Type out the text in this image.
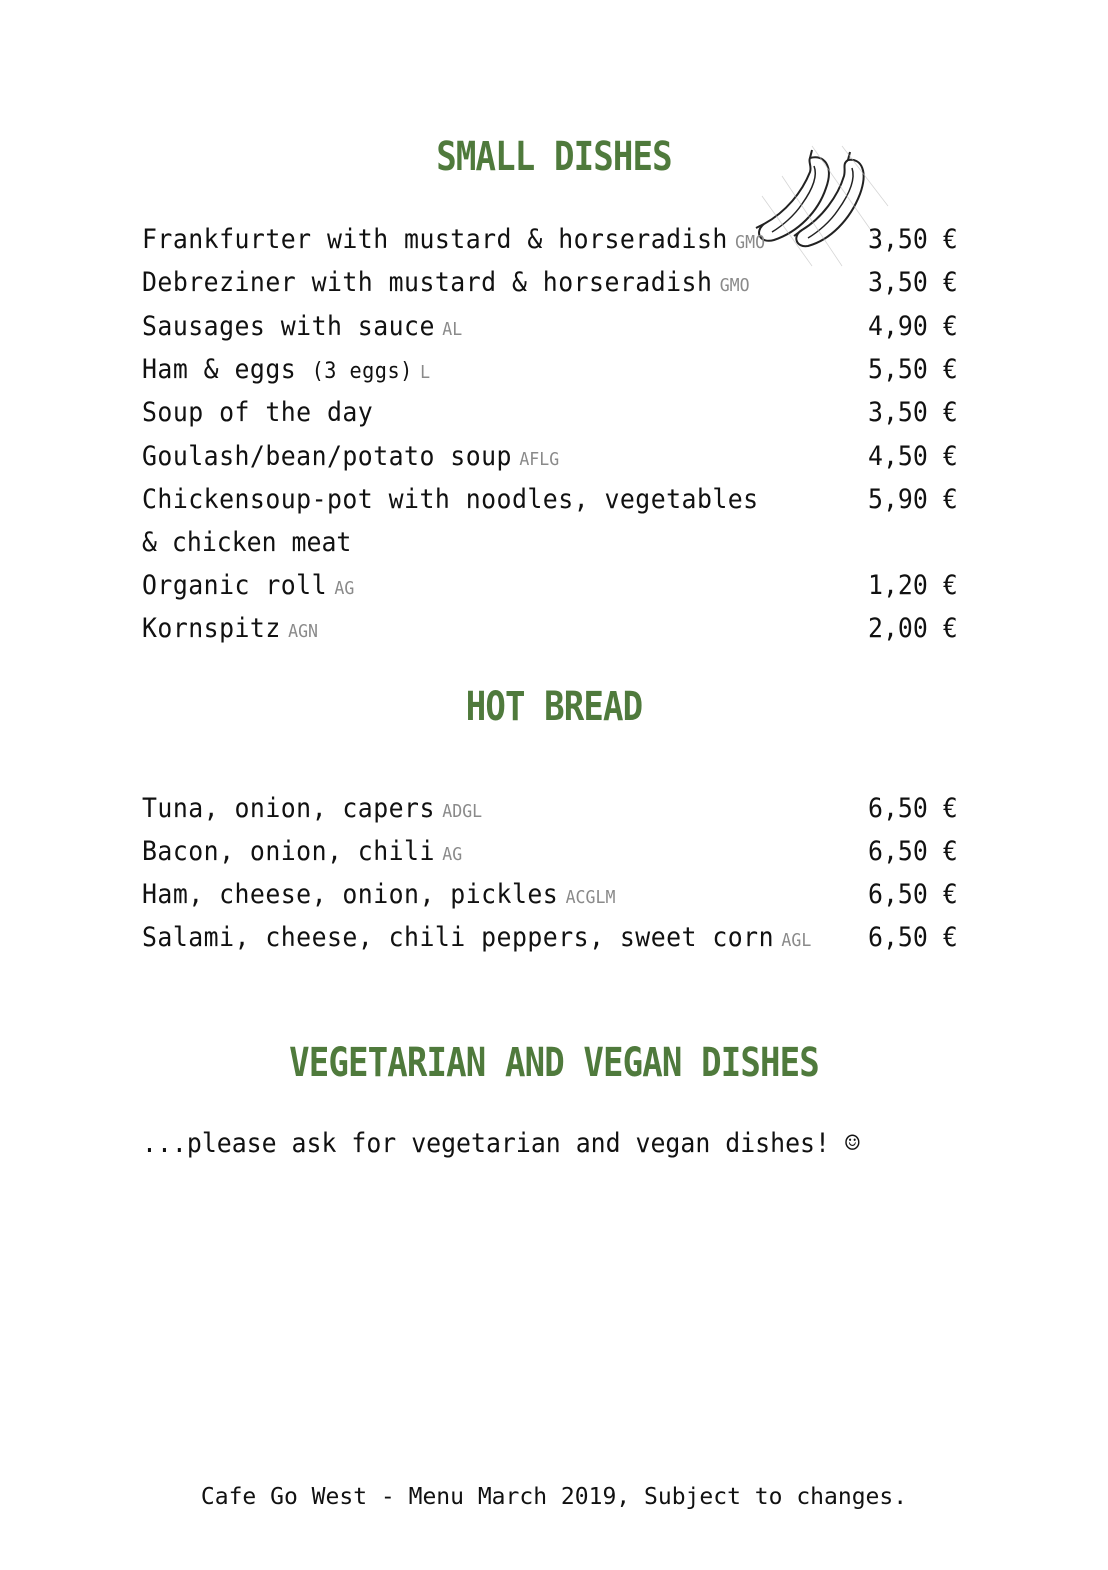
SMALL DISHES
Frankfurter with mustard & horseradish GMO	3,50 €
Debreziner with mustard & horseradish GMO	3,50 €
Sausages with sauce AL	4,90 €
Ham & eggs (3 eggs) L	5,50 €
Soup of the day	3,50 €
Goulash/bean/potato soup AFLG	4,50 €
Chickensoup-pot with noodles, vegetables	5,90 €
& chicken meat
Organic roll AG	1,20 €
Kornspitz AGN	2,00 €
HOT BREAD
Tuna, onion, capers ADGL	6,50 €
Bacon, onion, chili AG	6,50 €
Ham, cheese, onion, pickles ACGLM	6,50 €
Salami, cheese, chili peppers, sweet corn AGL 6,50 €
VEGETARIAN AND VEGAN DISHES
...please ask for vegetarian and vegan dishes! ☺
Cafe Go West - Menu March 2019, Subject to changes.
